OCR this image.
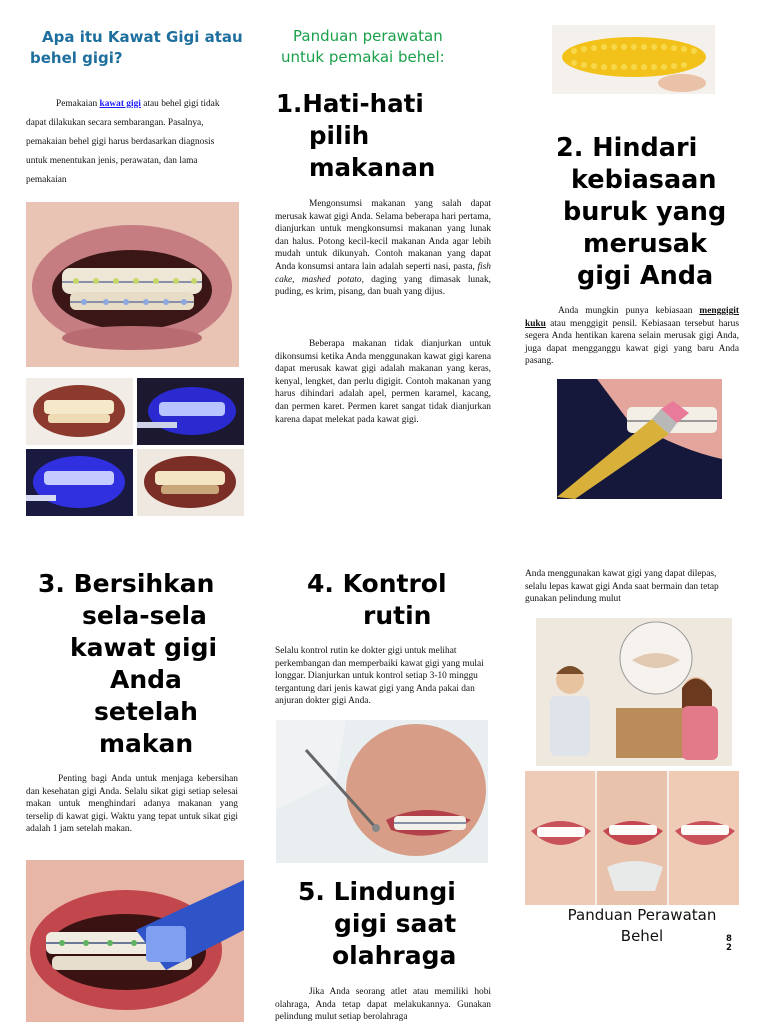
Apa itu Kawat Gigi atau behel gigi?
Pemakaian kawat gigi atau behel gigi tidak dapat dilakukan secara sembarangan. Pasalnya, pemakaian behel gigi harus berdasarkan diagnosis untuk menentukan jenis, perawatan, dan lama pemakaian
Panduan perawatan
untuk pemakai behel:
1.Hati-hati
pilih
makanan
Mengonsumsi makanan yang salah dapat merusak kawat gigi Anda. Selama beberapa hari pertama, dianjurkan untuk mengkonsumsi makanan yang lunak dan halus. Potong kecil-kecil makanan Anda agar lebih mudah untuk dikunyah. Contoh makanan yang dapat Anda konsumsi antara lain adalah seperti nasi, pasta, fish cake, mashed potato, daging yang dimasak lunak, puding, es krim, pisang, dan buah yang dijus.
Beberapa makanan tidak dianjurkan untuk dikonsumsi ketika Anda menggunakan kawat gigi karena dapat merusak kawat gigi adalah makanan yang keras, kenyal, lengket, dan perlu digigit. Contoh makanan yang harus dihindari adalah apel, permen karamel, kacang, dan permen karet. Permen karet sangat tidak dianjurkan karena dapat melekat pada kawat gigi.
2. Hindari
kebiasaan
buruk yang
merusak
gigi Anda
Anda mungkin punya kebiasaan menggigit kuku atau menggigit pensil. Kebiasaan tersebut harus segera Anda hentikan karena selain merusak gigi Anda, juga dapat mengganggu kawat gigi yang baru Anda pasang.
3. Bersihkan
sela-sela
kawat gigi
Anda
setelah
makan
Penting bagi Anda untuk menjaga kebersihan dan kesehatan gigi Anda. Selalu sikat gigi setiap selesai makan untuk menghindari adanya makanan yang terselip di kawat gigi. Waktu yang tepat untuk sikat gigi adalah 1 jam setelah makan.
4. Kontrol
rutin
Selalu kontrol rutin ke dokter gigi untuk melihat perkembangan dan memperbaiki kawat gigi yang mulai longgar. Dianjurkan untuk kontrol setiap 3-10 minggu tergantung dari jenis kawat gigi yang Anda pakai dan anjuran dokter gigi Anda.
5. Lindungi
gigi saat
olahraga
Jika Anda seorang atlet atau memiliki hobi olahraga, Anda tetap dapat melakukannya. Gunakan pelindung mulut setiap berolahraga
Anda menggunakan kawat gigi yang dapat dilepas, selalu lepas kawat gigi Anda saat bermain dan tetap gunakan pelindung mulut
Panduan Perawatan
Behel	8
2
